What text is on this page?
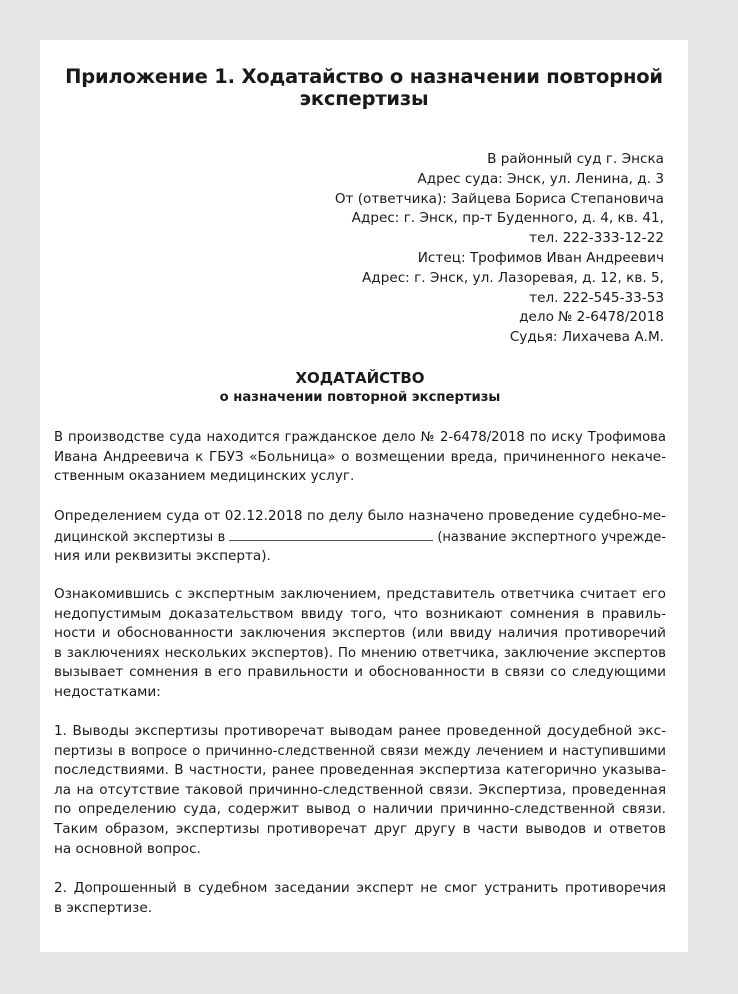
Приложение 1. Ходатайство о назначении повторной экспертизы
В районный суд г. Энска
Адрес суда: Энск, ул. Ленина, д. 3
От (ответчика): Зайцева Бориса Степановича
Адрес: г. Энск, пр-т Буденного, д. 4, кв. 41,
тел. 222-333-12-22
Истец: Трофимов Иван Андреевич
Адрес: г. Энск, ул. Лазоревая, д. 12, кв. 5,
тел. 222-545-33-53
дело № 2-6478/2018
Судья: Лихачева А.М.
ХОДАТАЙСТВО
о назначении повторной экспертизы
В производстве суда находится гражданское дело № 2-6478/2018 по иску Трофимова
Ивана Андреевича к ГБУЗ «Больница» о возмещении вреда, причиненного некаче-
ственным оказанием медицинских услуг.
Определением суда от 02.12.2018 по делу было назначено проведение судебно-ме-
дицинской экспертизы в	(название экспертного учрежде-
ния или реквизиты эксперта).
Ознакомившись с экспертным заключением, представитель ответчика считает его
недопустимым доказательством ввиду того, что возникают сомнения в правиль-
ности и обоснованности заключения экспертов (или ввиду наличия противоречий
в заключениях нескольких экспертов). По мнению ответчика, заключение экспертов
вызывает сомнения в его правильности и обоснованности в связи со следующими
недостатками:
1. Выводы экспертизы противоречат выводам ранее проведенной досудебной экс-
пертизы в вопросе о причинно-следственной связи между лечением и наступившими
последствиями. В частности, ранее проведенная экспертиза категорично указыва-
ла на отсутствие таковой причинно-следственной связи. Экспертиза, проведенная
по определению суда, содержит вывод о наличии причинно-следственной связи.
Таким образом, экспертизы противоречат друг другу в части выводов и ответов
на основной вопрос.
2. Допрошенный в судебном заседании эксперт не смог устранить противоречия
в экспертизе.
